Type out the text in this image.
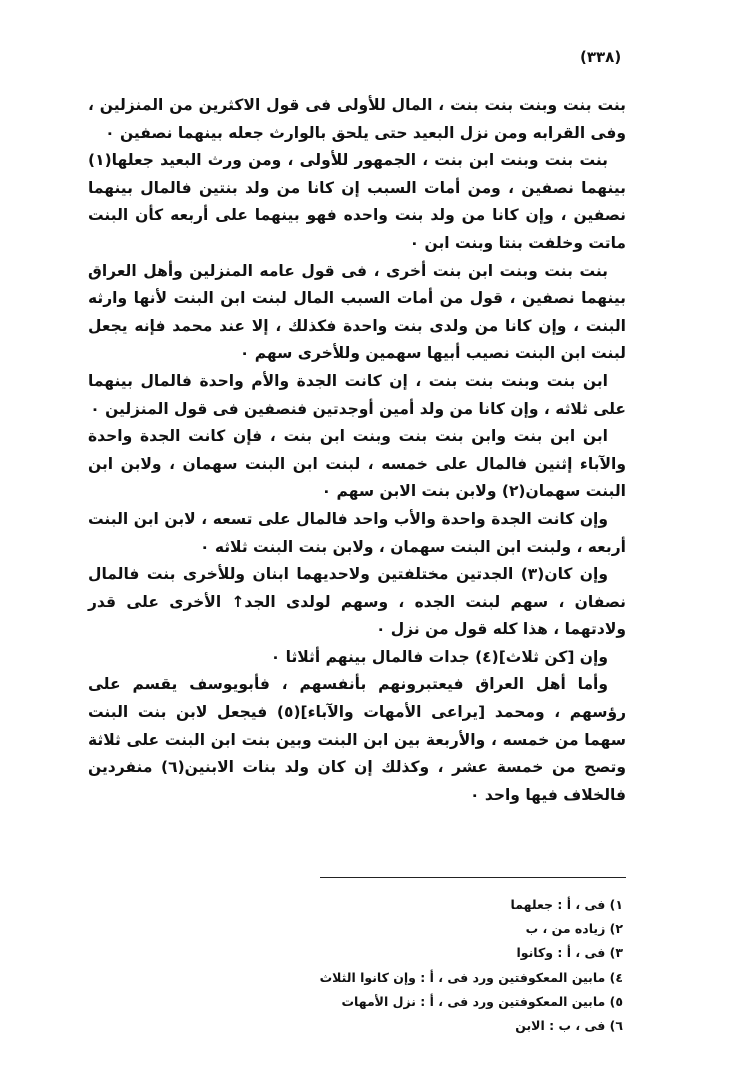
(٣٣٨)

بنت بنت وبنت بنت بنت ، المال للأولى فى قول الاكثرين من المنزلين ، وفى القرابه ومن نزل البعيد حتى يلحق بالوارث جعله بينهما نصفين ٠

بنت بنت وبنت ابن بنت ، الجمهور للأولى ، ومن ورث البعيد جعلها(١) بينهما نصفين ، ومن أمات السبب إن كانا من ولد بنتين فالمال بينهما نصفين ، وإن كانا من ولد بنت واحده فهو بينهما على أربعه كأن البنت ماتت وخلفت بنتا وبنت ابن ٠

بنت بنت وبنت ابن بنت أخرى ، فى قول عامه المنزلين وأهل العراق بينهما نصفين ، قول من أمات السبب المال لبنت ابن البنت لأنها وارثه البنت ، وإن كانا من ولدى بنت واحدة فكذلك ، إلا عند محمد فإنه يجعل لبنت ابن البنت نصيب أبيها سهمين وللأخرى سهم ٠

ابن بنت وبنت بنت بنت ، إن كانت الجدة والأم واحدة فالمال بينهما على ثلاثه ، وإن كانا من ولد أمين أوجدتين فنصفين فى قول المنزلين ٠

ابن ابن بنت وابن بنت بنت وبنت ابن بنت ، فإن كانت الجدة واحدة والآباء إثنين فالمال على خمسه ، لبنت ابن البنت سهمان ، ولابن ابن البنت سهمان(٢) ولابن بنت الابن سهم ٠

وإن كانت الجدة واحدة والأب واحد فالمال على تسعه ، لابن ابن البنت أربعه ، ولبنت ابن البنت سهمان ، ولابن بنت البنت ثلاثه ٠

وإن كان(٣) الجدتين مختلفتين ولاحديهما ابنان وللأخرى بنت فالمال نصفان ، سهم لبنت الجده ، وسهم لولدى الجد↑ الأخرى على قدر ولادتهما ، هذا كله قول من نزل ٠

وإن [كن ثلاث](٤) جدات فالمال بينهم أثلاثا ٠

وأما أهل العراق فيعتبرونهم بأنفسهم ، فأبويوسف يقسم على رؤسهم ، ومحمد [يراعى الأمهات والآباء](٥) فيجعل لابن بنت البنت سهما من خمسه ، والأربعة بين ابن البنت وبين بنت ابن البنت على ثلاثة وتصح من خمسة عشر ، وكذلك إن كان ولد بنات الابنين(٦) منفردين فالخلاف فيها واحد ٠

١) فى ، أ : جعلهما
٢) زياده من ، ب
٣) فى ، أ : وكانوا
٤) مابين المعكوفتين ورد فى ، أ : وإن كانوا الثلاث
٥) مابين المعكوفتين ورد فى ، أ : نزل الأمهات
٦) فى ، ب : الابن
